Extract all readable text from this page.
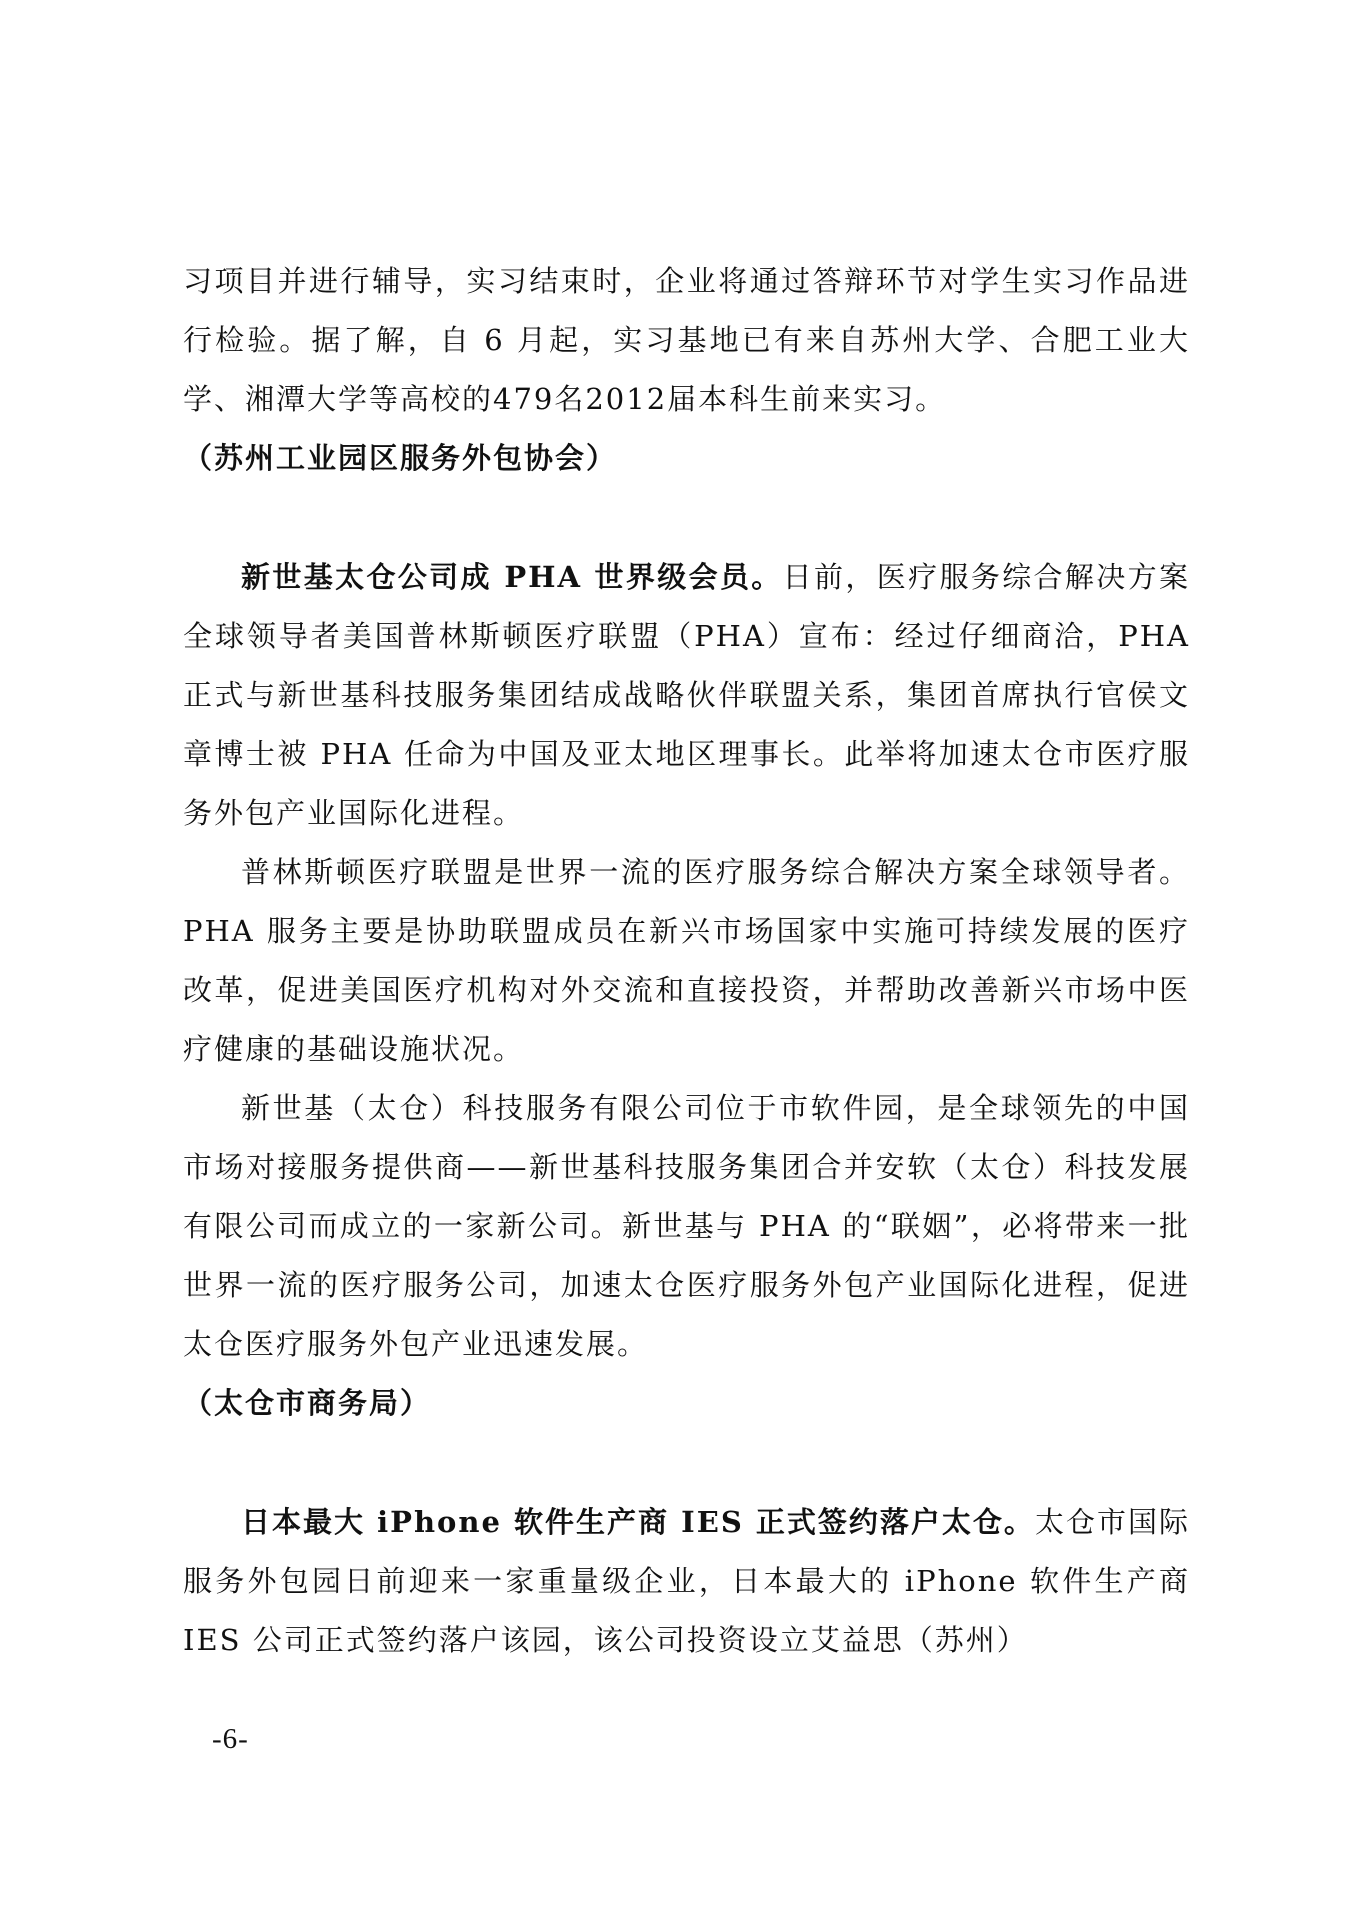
习项目并进行辅导，实习结束时，企业将通过答辩环节对学生实习作品进行检验。据了解，自 6 月起，实习基地已有来自苏州大学、合肥工业大学、湘潭大学等高校的479名2012届本科生前来实习。

（苏州工业园区服务外包协会）

新世基太仓公司成 PHA 世界级会员。日前，医疗服务综合解决方案全球领导者美国普林斯顿医疗联盟（PHA）宣布：经过仔细商洽，PHA 正式与新世基科技服务集团结成战略伙伴联盟关系，集团首席执行官侯文章博士被 PHA 任命为中国及亚太地区理事长。此举将加速太仓市医疗服务外包产业国际化进程。

普林斯顿医疗联盟是世界一流的医疗服务综合解决方案全球领导者。PHA 服务主要是协助联盟成员在新兴市场国家中实施可持续发展的医疗改革，促进美国医疗机构对外交流和直接投资，并帮助改善新兴市场中医疗健康的基础设施状况。

新世基（太仓）科技服务有限公司位于市软件园，是全球领先的中国市场对接服务提供商——新世基科技服务集团合并安软（太仓）科技发展有限公司而成立的一家新公司。新世基与 PHA 的“联姻”，必将带来一批世界一流的医疗服务公司，加速太仓医疗服务外包产业国际化进程，促进太仓医疗服务外包产业迅速发展。

（太仓市商务局）

日本最大 iPhone 软件生产商 IES 正式签约落户太仓。太仓市国际服务外包园日前迎来一家重量级企业，日本最大的 iPhone 软件生产商 IES 公司正式签约落户该园，该公司投资设立艾益思（苏州）

-6-
